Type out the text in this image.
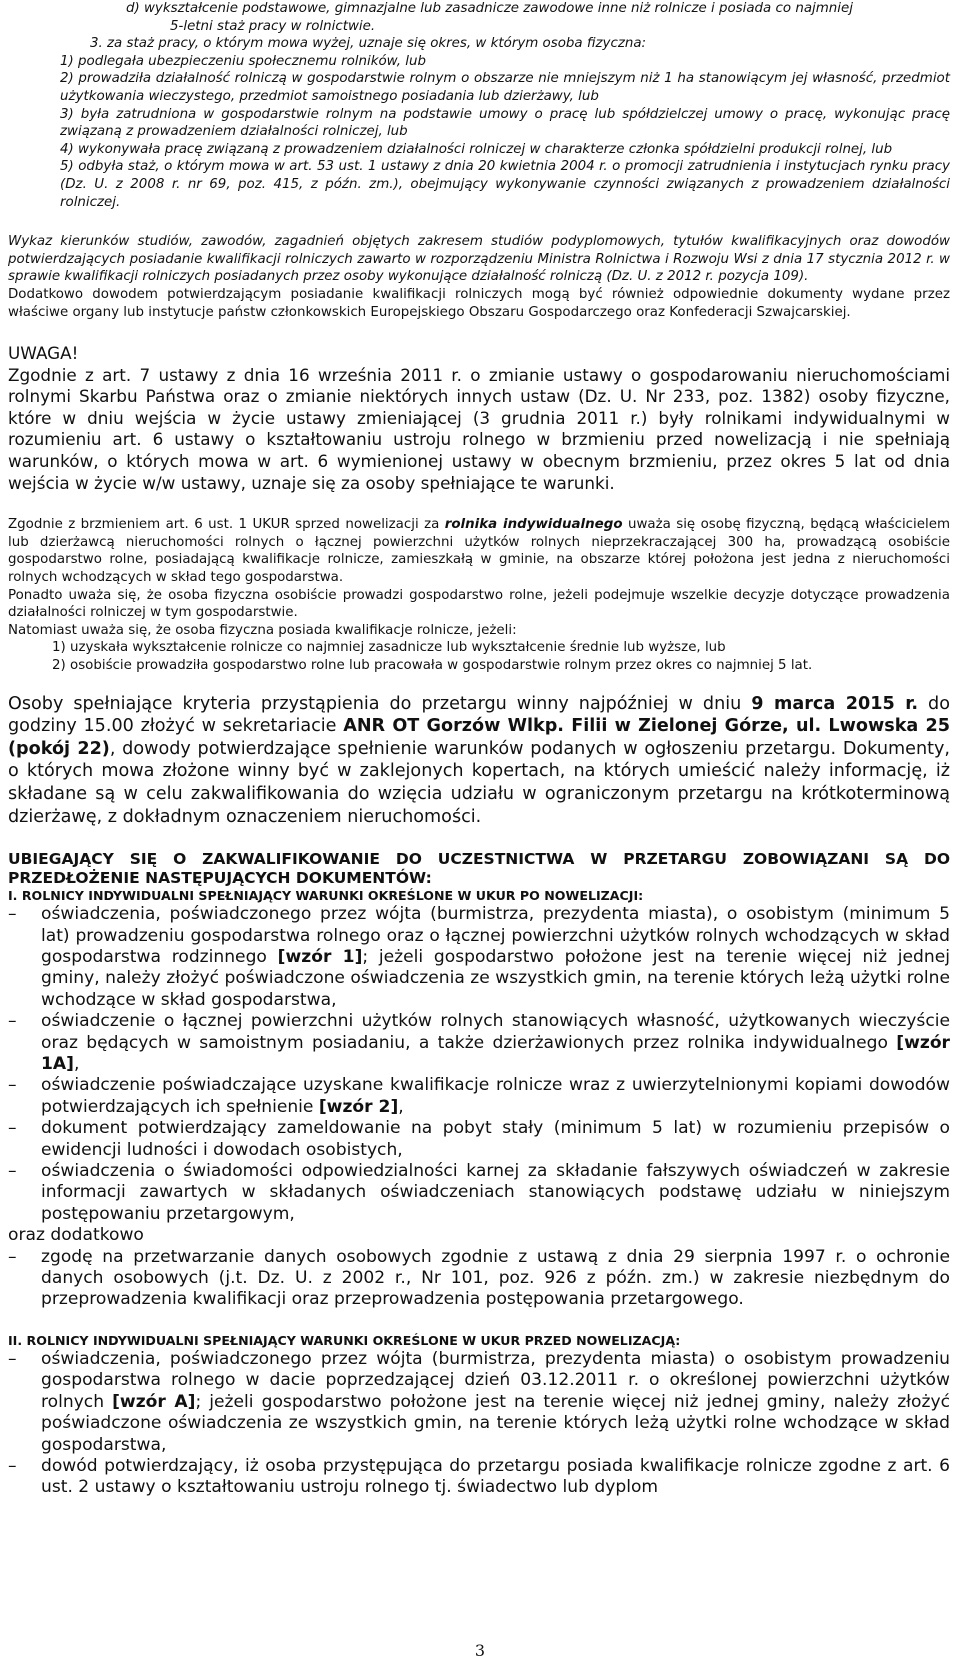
d) wykształcenie podstawowe, gimnazjalne lub zasadnicze zawodowe inne niż rolnicze i posiada co najmniej

5-letni staż pracy w rolnictwie.

3. za staż pracy, o którym mowa wyżej, uznaje się okres, w którym osoba fizyczna:

1) podlegała ubezpieczeniu społecznemu rolników, lub

2) prowadziła działalność rolniczą w gospodarstwie rolnym o obszarze nie mniejszym niż 1 ha stanowiącym jej własność, przedmiot użytkowania wieczystego, przedmiot samoistnego posiadania lub dzierżawy, lub

3) była zatrudniona w gospodarstwie rolnym na podstawie umowy o pracę lub spółdzielczej umowy o pracę, wykonując pracę związaną z prowadzeniem działalności rolniczej, lub

4) wykonywała pracę związaną z prowadzeniem działalności rolniczej w charakterze członka spółdzielni produkcji rolnej, lub

5) odbyła staż, o którym mowa w art. 53 ust. 1 ustawy z dnia 20 kwietnia 2004 r. o promocji zatrudnienia i instytucjach rynku pracy (Dz. U. z 2008 r. nr 69, poz. 415, z późn. zm.), obejmujący wykonywanie czynności związanych z prowadzeniem działalności rolniczej.

Wykaz kierunków studiów, zawodów, zagadnień objętych zakresem studiów podyplomowych, tytułów kwalifikacyjnych oraz dowodów potwierdzających posiadanie kwalifikacji rolniczych zawarto w rozporządzeniu Ministra Rolnictwa i Rozwoju Wsi z dnia 17 stycznia 2012 r. w sprawie kwalifikacji rolniczych posiadanych przez osoby wykonujące działalność rolniczą (Dz. U. z 2012 r. pozycja 109).

Dodatkowo dowodem potwierdzającym posiadanie kwalifikacji rolniczych mogą być również odpowiednie dokumenty wydane przez właściwe organy lub instytucje państw członkowskich Europejskiego Obszaru Gospodarczego oraz Konfederacji Szwajcarskiej.

UWAGA!

Zgodnie z art. 7 ustawy z dnia 16 września 2011 r. o zmianie ustawy o gospodarowaniu nieruchomościami rolnymi Skarbu Państwa oraz o zmianie niektórych innych ustaw (Dz. U. Nr 233, poz. 1382) osoby fizyczne, które w dniu wejścia w życie ustawy zmieniającej (3 grudnia 2011 r.) były rolnikami indywidualnymi w rozumieniu art. 6 ustawy o kształtowaniu ustroju rolnego w brzmieniu przed nowelizacją i nie spełniają warunków, o których mowa w art. 6 wymienionej ustawy w obecnym brzmieniu, przez okres 5 lat od dnia wejścia w życie w/w ustawy, uznaje się za osoby spełniające te warunki.

Zgodnie z brzmieniem art. 6 ust. 1 UKUR sprzed nowelizacji za rolnika indywidualnego uważa się osobę fizyczną, będącą właścicielem lub dzierżawcą nieruchomości rolnych o łącznej powierzchni użytków rolnych nieprzekraczającej 300 ha, prowadzącą osobiście gospodarstwo rolne, posiadającą kwalifikacje rolnicze, zamieszkałą w gminie, na obszarze której położona jest jedna z nieruchomości rolnych wchodzących w skład tego gospodarstwa.

Ponadto uważa się, że osoba fizyczna osobiście prowadzi gospodarstwo rolne, jeżeli podejmuje wszelkie decyzje dotyczące prowadzenia działalności rolniczej w tym gospodarstwie.

Natomiast uważa się, że osoba fizyczna posiada kwalifikacje rolnicze, jeżeli:

1) uzyskała wykształcenie rolnicze co najmniej zasadnicze lub wykształcenie średnie lub wyższe, lub
2) osobiście prowadziła gospodarstwo rolne lub pracowała w gospodarstwie rolnym przez okres co najmniej 5 lat.

Osoby spełniające kryteria przystąpienia do przetargu winny najpóźniej w dniu 9 marca 2015 r. do godziny 15.00 złożyć w sekretariacie ANR OT Gorzów Wlkp. Filii w Zielonej Górze, ul. Lwowska 25 (pokój 22), dowody potwierdzające spełnienie warunków podanych w ogłoszeniu przetargu. Dokumenty, o których mowa złożone winny być w zaklejonych kopertach, na których umieścić należy informację, iż składane są w celu zakwalifikowania do wzięcia udziału w ograniczonym przetargu na krótkoterminową dzierżawę, z dokładnym oznaczeniem nieruchomości.

UBIEGAJĄCY SIĘ O ZAKWALIFIKOWANIE DO UCZESTNICTWA W PRZETARGU ZOBOWIĄZANI SĄ DO PRZEDŁOŻENIE NASTĘPUJĄCYCH DOKUMENTÓW:

I. ROLNICY INDYWIDUALNI SPEŁNIAJĄCY WARUNKI OKREŚLONE W UKUR PO NOWELIZACJI:

– oświadczenia, poświadczonego przez wójta (burmistrza, prezydenta miasta), o osobistym (minimum 5 lat) prowadzeniu gospodarstwa rolnego oraz o łącznej powierzchni użytków rolnych wchodzących w skład gospodarstwa rodzinnego [wzór 1]; jeżeli gospodarstwo położone jest na terenie więcej niż jednej gminy, należy złożyć poświadczone oświadczenia ze wszystkich gmin, na terenie których leżą użytki rolne wchodzące w skład gospodarstwa,
– oświadczenie o łącznej powierzchni użytków rolnych stanowiących własność, użytkowanych wieczyście oraz będących w samoistnym posiadaniu, a także dzierżawionych przez rolnika indywidualnego [wzór 1A],
– oświadczenie poświadczające uzyskane kwalifikacje rolnicze wraz z uwierzytelnionymi kopiami dowodów potwierdzających ich spełnienie [wzór 2],
– dokument potwierdzający zameldowanie na pobyt stały (minimum 5 lat) w rozumieniu przepisów o ewidencji ludności i dowodach osobistych,
– oświadczenia o świadomości odpowiedzialności karnej za składanie fałszywych oświadczeń w zakresie informacji zawartych w składanych oświadczeniach stanowiących podstawę udziału w niniejszym postępowaniu przetargowym,

oraz dodatkowo

– zgodę na przetwarzanie danych osobowych zgodnie z ustawą z dnia 29 sierpnia 1997 r. o ochronie danych osobowych (j.t. Dz. U. z 2002 r., Nr 101, poz. 926 z późn. zm.) w zakresie niezbędnym do przeprowadzenia kwalifikacji oraz przeprowadzenia postępowania przetargowego.

II. ROLNICY INDYWIDUALNI SPEŁNIAJĄCY WARUNKI OKREŚLONE W UKUR PRZED NOWELIZACJĄ:

– oświadczenia, poświadczonego przez wójta (burmistrza, prezydenta miasta) o osobistym prowadzeniu gospodarstwa rolnego w dacie poprzedzającej dzień 03.12.2011 r. o określonej powierzchni użytków rolnych [wzór A]; jeżeli gospodarstwo położone jest na terenie więcej niż jednej gminy, należy złożyć poświadczone oświadczenia ze wszystkich gmin, na terenie których leżą użytki rolne wchodzące w skład gospodarstwa,
– dowód potwierdzający, iż osoba przystępująca do przetargu posiada kwalifikacje rolnicze zgodne z art. 6 ust. 2 ustawy o kształtowaniu ustroju rolnego tj. świadectwo lub dyplom
3
